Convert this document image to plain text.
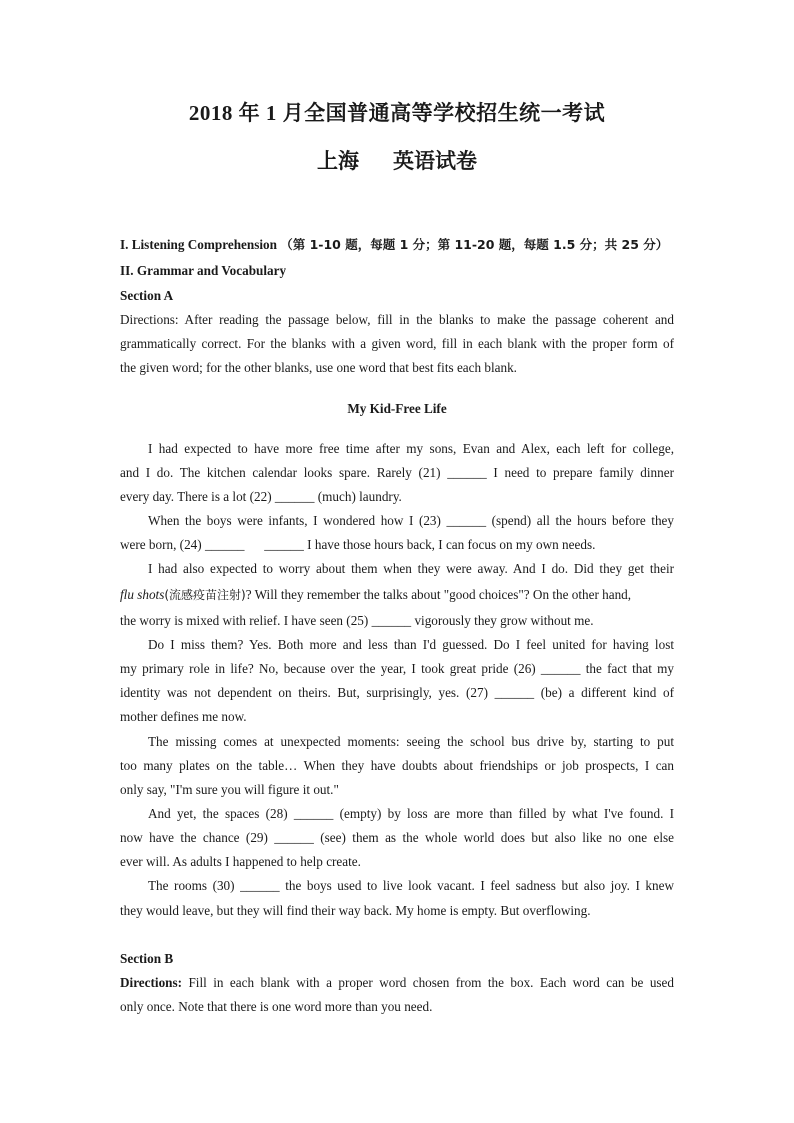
2018 年 1 月全国普通高等学校招生统一考试
上海 英语试卷
I. Listening Comprehension （第 1-10 题，每题 1 分；第 11-20 题，每题 1.5 分；共 25 分）
II. Grammar and Vocabulary
Section A
Directions: After reading the passage below, fill in the blanks to make the passage coherent and
grammatically correct. For the blanks with a given word, fill in each blank with the proper form of
the given word; for the other blanks, use one word that best fits each blank.
My Kid-Free Life
I had expected to have more free time after my sons, Evan and Alex, each left for college,
and I do. The kitchen calendar looks spare. Rarely (21) ______ I need to prepare family dinner
every day. There is a lot (22) ______ (much) laundry.
When the boys were infants, I wondered how I (23) ______ (spend) all the hours before they
were born, (24) ______      ______ I have those hours back, I can focus on my own needs.
I had also expected to worry about them when they were away. And I do. Did they get their
flu shots(流感疫苗注射)? Will they remember the talks about "good choices"? On the other hand,
the worry is mixed with relief. I have seen (25) ______ vigorously they grow without me.
Do I miss them? Yes. Both more and less than I'd guessed. Do I feel united for having lost
my primary role in life? No, because over the year, I took great pride (26) ______ the fact that my
identity was not dependent on theirs. But, surprisingly, yes. (27) ______ (be) a different kind of
mother defines me now.
The missing comes at unexpected moments: seeing the school bus drive by, starting to put
too many plates on the table… When they have doubts about friendships or job prospects, I can
only say, "I'm sure you will figure it out."
And yet, the spaces (28) ______ (empty) by loss are more than filled by what I've found. I
now have the chance (29) ______ (see) them as the whole world does but also like no one else
ever will. As adults I happened to help create.
The rooms (30) ______ the boys used to live look vacant. I feel sadness but also joy. I knew
they would leave, but they will find their way back. My home is empty. But overflowing.
Section B
Directions: Fill in each blank with a proper word chosen from the box. Each word can be used
only once. Note that there is one word more than you need.
